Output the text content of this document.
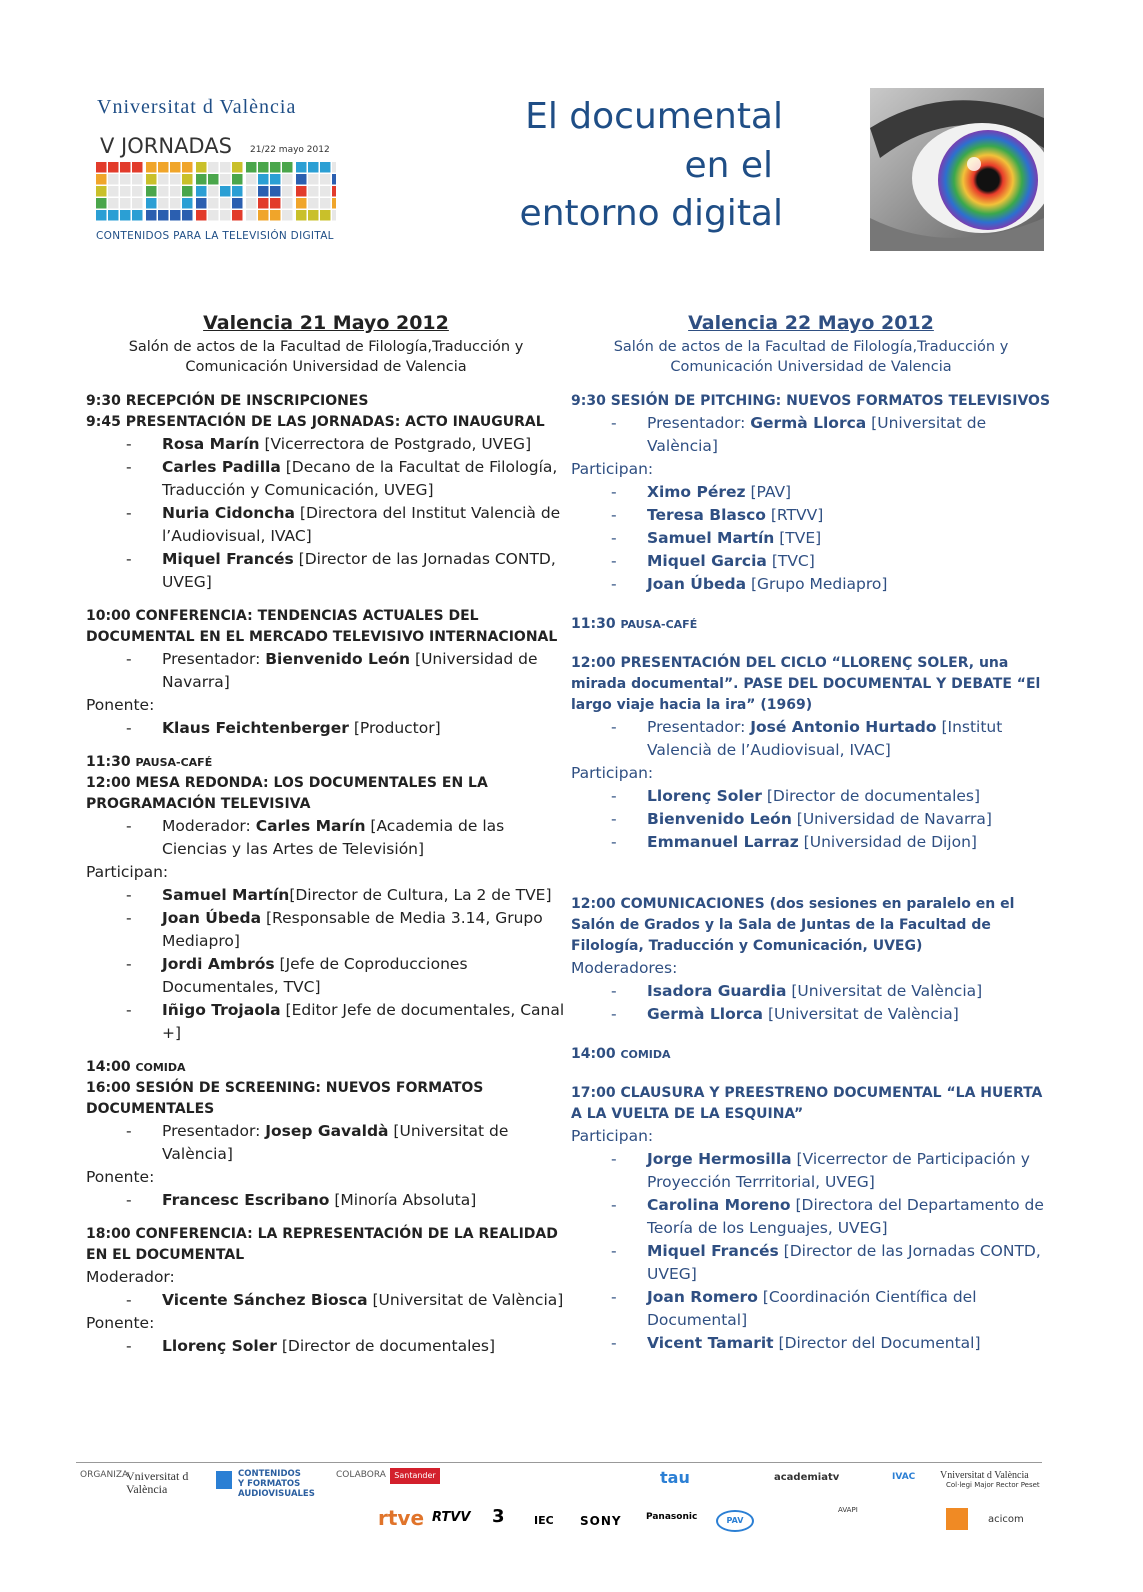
Vniversitat d València
V JORNADAS 21/22 mayo 2012
CONTENIDOS PARA LA TELEVISIÓN DIGITAL
El documental
en el
entorno digital
Valencia 21 Mayo 2012
Salón de actos de la Facultad de Filología,Traducción y
Comunicación Universidad de Valencia
9:30 RECEPCIÓN DE INSCRIPCIONES
9:45 PRESENTACIÓN DE LAS JORNADAS: ACTO INAUGURAL
- Rosa Marín [Vicerrectora de Postgrado, UVEG]
- Carles Padilla [Decano de la Facultat de Filología, Traducción y Comunicación, UVEG]
- Nuria Cidoncha [Directora del Institut Valencià de l’Audiovisual, IVAC]
- Miquel Francés [Director de las Jornadas CONTD, UVEG]
10:00 CONFERENCIA: TENDENCIAS ACTUALES DEL DOCUMENTAL EN EL MERCADO TELEVISIVO INTERNACIONAL
- Presentador: Bienvenido León [Universidad de Navarra]
Ponente:
- Klaus Feichtenberger [Productor]
11:30 PAUSA-CAFÉ
12:00 MESA REDONDA: LOS DOCUMENTALES EN LA PROGRAMACIÓN TELEVISIVA
- Moderador: Carles Marín [Academia de las Ciencias y las Artes de Televisión]
Participan:
- Samuel Martín[Director de Cultura, La 2 de TVE]
- Joan Úbeda [Responsable de Media 3.14, Grupo Mediapro]
- Jordi Ambrós [Jefe de Coproducciones Documentales, TVC]
- Iñigo Trojaola [Editor Jefe de documentales, Canal +]
14:00 COMIDA
16:00 SESIÓN DE SCREENING: NUEVOS FORMATOS DOCUMENTALES
- Presentador: Josep Gavaldà [Universitat de València]
Ponente:
- Francesc Escribano [Minoría Absoluta]
18:00 CONFERENCIA: LA REPRESENTACIÓN DE LA REALIDAD EN EL DOCUMENTAL
Moderador:
- Vicente Sánchez Biosca [Universitat de València]
Ponente:
- Llorenç Soler [Director de documentales]
Valencia 22 Mayo 2012
Salón de actos de la Facultad de Filología,Traducción y
Comunicación Universidad de Valencia
9:30 SESIÓN DE PITCHING: NUEVOS FORMATOS TELEVISIVOS
- Presentador: Germà Llorca [Universitat de València]
Participan:
- Ximo Pérez [PAV]
- Teresa Blasco [RTVV]
- Samuel Martín [TVE]
- Miquel Garcia [TVC]
- Joan Úbeda [Grupo Mediapro]
11:30 PAUSA-CAFÉ
12:00 PRESENTACIÓN DEL CICLO “LLORENÇ SOLER, una mirada documental”. PASE DEL DOCUMENTAL Y DEBATE “El largo viaje hacia la ira” (1969)
- Presentador: José Antonio Hurtado [Institut Valencià de l’Audiovisual, IVAC]
Participan:
- Llorenç Soler [Director de documentales]
- Bienvenido León [Universidad de Navarra]
- Emmanuel Larraz [Universidad de Dijon]
12:00 COMUNICACIONES (dos sesiones en paralelo en el Salón de Grados y la Sala de Juntas de la Facultad de Filología, Traducción y Comunicación, UVEG)
Moderadores:
- Isadora Guardia [Universitat de València]
- Germà Llorca [Universitat de València]
14:00 COMIDA
17:00 CLAUSURA Y PREESTRENO DOCUMENTAL “LA HUERTA A LA VUELTA DE LA ESQUINA”
Participan:
- Jorge Hermosilla [Vicerrector de Participación y Proyección Terrritorial, UVEG]
- Carolina Moreno [Directora del Departamento de Teoría de los Lenguajes, UVEG]
- Miquel Francés [Director de las Jornadas CONTD, UVEG]
- Joan Romero [Coordinación Científica del Documental]
- Vicent Tamarit [Director del Documental]
ORGANIZA
Vniversitat d València
CONTENIDOS Y FORMATOS AUDIOVISUALES
COLABORA	Santander	tau	academiatv	IVAC Vniversitat d València
Col·legi Major Rector Peset
rtve RTVV 3	IEC SONY	Panasonic	PAV
AVAPI
acicom
